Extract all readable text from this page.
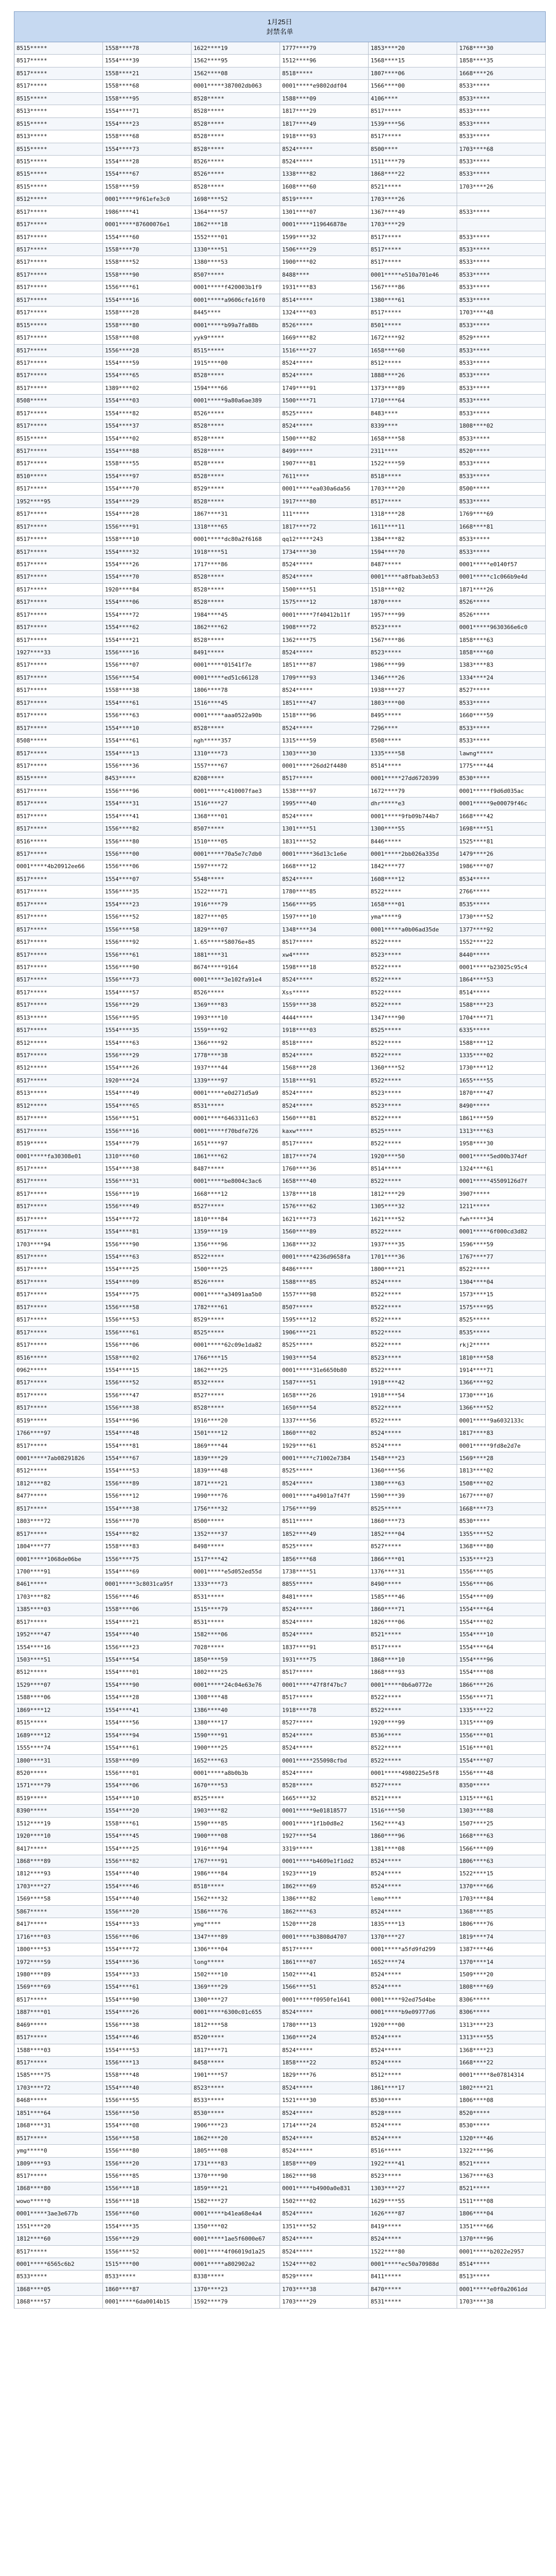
1月25日
封禁名单
8515*****	1558****78	1622****19	1777****79	1853****20	1768****30
8517*****	1554****39	1562****95	1512****96	1568****15	1858****35
8517*****	1558****21	1562****08	8518*****	1807****06	1668****26
8517*****	1558****68	0001*****387002db063	0001*****e9802ddf04	1566****00	8533*****
8515*****	1558****95	8528*****	1588****09	4106****	8533*****
8513*****	1554****71	8528*****	1817****29	8517*****	8533*****
8515*****	1554****23	8528*****	1817****49	1539****56	8533*****
8513*****	1558****68	8528*****	1918****93	8517*****	8533*****
8515*****	1554****73	8528*****	8524*****	8500****	1703****68
8515*****	1554****28	8526*****	8524*****	1511****79	8533*****
8515*****	1554****67	8526*****	1338****82	1868****22	8533*****
8515*****	1558****59	8528*****	1608****60	8521*****	1703****26
8512*****	0001*****9f61efe3c0	1698****52	8519*****	1703****26
8517*****	1986****41	1364****57	1301****07	1367****49	8533*****
8517*****	0001*****87600076e1	1862****18	0001*****119646878e	1703****29
8517*****	1554****60	1552****01	1599****32	8517*****	8533*****
8517*****	1558****70	1330****51	1506****29	8517*****	8533*****
8517*****	1558****52	1380****53	1900****02	8517*****	8533*****
8517*****	1558****90	8507*****	8488****	0001*****e510a701e46	8533*****
8517*****	1556****61	0001*****f420003b1f9	1931****83	1567****86	8533*****
8517*****	1554****16	0001*****a9606cfe16f0	8514*****	1380****61	8533*****
8517*****	1558****28	8445****	1324****03	8517*****	1703****48
8515*****	1558****80	0001*****b99a7fa88b	8526*****	8501*****	8533*****
8517*****	1558****08	yyk9*****	1669****82	1672****92	8529*****
8517*****	1556****28	8515*****	1516****27	1658****60	8533*****
8517*****	1554****59	1915****00	8524*****	8512*****	8533*****
8517*****	1554****65	8528*****	8524*****	1888****26	8533*****
8517*****	1389****02	1594****66	1749****91	1373****89	8533*****
8508*****	1554****03	0001*****9a80a6ae389	1500****71	1710****64	8533*****
8517*****	1554****82	8526*****	8525*****	8483****	8533*****
8517*****	1554****37	8528*****	8524*****	8339****	1808****02
8515*****	1554****02	8528*****	1500****82	1658****58	8533*****
8517*****	1554****88	8528*****	8499*****	2311****	8520*****
8517*****	1558****55	8528*****	1907****81	1522****59	8533*****
8510*****	1554****97	8528*****	7611****	8518*****	8533*****
8517*****	1554****70	8529*****	0001*****ea030a6da56	1703****20	8500*****
1952****95	1554****29	8528*****	1917****80	8517*****	8533*****
8517*****	1554****28	1867****31	111*****	1318****28	1769****69
8517*****	1556****91	1318****65	1817****72	1611****11	1668****81
8517*****	1558****10	0001*****dc80a2f6168	qq12*****243	1384****82	8533*****
8517*****	1554****32	1918****51	1734****30	1594****70	8533*****
8517*****	1554****26	1717****86	8524*****	8487*****	0001*****e0140f57
8517*****	1554****70	8528*****	8524*****	0001*****a8fbab3eb53	0001*****c1c066b9e4d
8517*****	1920****84	8528*****	1500****51	1518****02	1871****26
8517*****	1554****06	8528*****	1575****12	1870*****	8526*****
8517*****	1554****72	1984****45	0001*****7f40412b11f	1957****99	8526*****
8517*****	1554****62	1862****62	1908****72	8523*****	0001*****9630366e6c0
8517*****	1554****21	8528*****	1362****75	1567****86	1858****63
1927****33	1556****16	8491*****	8524*****	8523*****	1858****60
8517*****	1556****07	0001*****01541f7e	1851****87	1986****99	1383****83
8517*****	1556****54	0001*****ed51c66128	1709****93	1346****26	1334****24
8517*****	1558****38	1806****78	8524*****	1938****27	8527*****
8517*****	1554****61	1516****45	1851****47	1803****00	8533*****
8517*****	1556****63	0001*****aaa0522a90b	1518****96	8495*****	1660****59
8517*****	1554****10	8528*****	8524*****	7296****	8533*****
8508*****	1554****61	ngh*****357	1315****59	8508*****	8533*****
8517*****	1554****13	1310****73	1303****30	1335****58	lawng*****
8517*****	1556****36	1557****67	0001*****26dd2f4480	8514*****	1775****44
8515*****	8453*****	8208*****	8517*****	0001*****27dd6720399	8530*****
8517*****	1556****96	0001*****c410007fae3	1538****97	1672****79	0001*****f9d6d035ac
8517*****	1554****31	1516****27	1995****40	dhr*****e3	0001*****9e00079f46c
8517*****	1554****41	1368****01	8524*****	0001*****9fb09b744b7	1668****42
8517*****	1556****82	8507*****	1301****51	1300****55	1698****51
8516*****	1556****80	1510****05	1831****52	8446*****	1525****81
8517*****	1556****00	0001*****70a5e7c7db0	0001*****36d13c1e6e	0001*****2bb026a335d	1479****26
0001*****4b20912ee66	1556****06	1597****72	1668****12	1842****77	1986****07
8517*****	1554****07	5548*****	8524*****	1608****12	8534*****
8517*****	1556****35	1522****71	1780****85	8522*****	2766*****
8517*****	1554****23	1916****79	1566****95	1658****01	8535*****
8517*****	1556****52	1827****05	1597****10	yma*****9	1730****52
8517*****	1556****58	1829****07	1348****34	0001*****a0b06ad35de	1377****92
8517*****	1556****92	1.65*****58076e+85	8517*****	8522*****	1552****22
8517*****	1556****61	1881****31	xw4*****	8523*****	8440*****
8517*****	1556****90	8674*****9164	1598****18	8522*****	0001*****b23025c95c4
8517*****	1556****73	0001*****3e102fa91e4	8524*****	8522*****	1864****53
8517*****	1554****57	8526*****	Xss*****	8522*****	8514*****
8517*****	1556****29	1369****83	1559****38	8522*****	1588****23
8513*****	1556****95	1993****10	4444*****	1347****90	1704****71
8517*****	1554****35	1559****92	1918****03	8525*****	6335*****
8512*****	1554****63	1366****92	8518*****	8522*****	1588****12
8517*****	1556****29	1778****38	8524*****	8522*****	1335****02
8512*****	1554****26	1937****44	1568****28	1360****52	1730****12
8517*****	1920****24	1339****97	1518****91	8522*****	1655****55
8513*****	1554****49	0001*****e0d271d5a9	8524*****	8523*****	1870****47
8512*****	1554****65	8531*****	8524*****	8523*****	8490*****
8517*****	1556****51	0001*****6463311c63	1560****81	8522*****	1861****59
8517*****	1556****16	0001*****f70bdfe726	kaxw*****	8525*****	1313****63
8519*****	1554****79	1651****97	8517*****	8522*****	1958****30
0001*****fa30308e01	1310****60	1861****62	1817****74	1920****50	0001*****5ed00b374df
8517*****	1554****38	8487*****	1760****36	8514*****	1324****61
8517*****	1556****31	0001*****be8004c3ac6	1658****40	8522*****	0001*****45509126d7f
8517*****	1556****19	1668****12	1378****18	1812****29	3907*****
8517*****	1556****49	8527*****	1576****62	1305****32	1211*****
8517*****	1554****72	1810****84	1621****73	1621****52	fwh*****34
8517*****	1554****81	1359****19	1560****89	8522*****	0001*****6f000cd3d82
1703****94	1556****90	1356****96	1368****32	1937****35	1596****59
8517*****	1554****63	8522*****	0001*****4236d9658fa	1701****36	1767****77
8517*****	1554****25	1500****25	8486*****	1800****21	8522*****
8517*****	1554****09	8526*****	1588****85	8524*****	1304****04
8517*****	1554****75	0001*****a34091aa5b0	1557****98	8522*****	1573****15
8517*****	1556****58	1782****61	8507*****	8522*****	1575****95
8517*****	1556****53	8529*****	1595****12	8522*****	8525*****
8517*****	1556****61	8525*****	1906****21	8522*****	8535*****
8517*****	1556****06	0001*****62c09e1da82	8525*****	8522*****	rkj2*****
8516*****	1558****02	1766****15	1903****54	8523*****	1810****58
0962*****	1554****15	1862****25	0001*****31e6650b80	8522*****	1914****71
8517*****	1556****52	8532*****	1587****51	1918****42	1366****92
8517*****	1556****47	8527*****	1658****26	1918****54	1730****16
8517*****	1556****38	8528*****	1650****54	8522*****	1366****52
8519*****	1554****96	1916****20	1337****56	8522*****	0001*****9a6032133c
1766****97	1554****48	1501****12	1860****02	8524*****	1817****83
8517*****	1554****81	1869****44	1929****61	8524*****	0001*****9fd8e2d7e
0001*****7ab08291826	1554****67	1839****29	0001*****c71002e7384	1548****23	1569****28
8512*****	1554****53	1839****48	8525*****	1360****56	1813****02
1812****82	1556****89	1871****21	8524*****	1380****63	1508****02
8477*****	1556****12	1990****76	0001*****a4901a7f47f	1590****39	1677****07
8517*****	1554****38	1756****32	1756****99	8525*****	1668****73
1803****72	1556****70	8500*****	8511*****	1860****73	8530*****
8517*****	1554****82	1352****37	1852****49	1852****04	1355****52
1804****77	1558****83	8498*****	8525*****	8527*****	1368****80
0001*****1068de06be	1556****75	1517****42	1856****68	1866****01	1535****23
1700****91	1554****69	0001*****e5d052ed55d	1738****51	1376****31	1556****05
8461*****	0001*****3c8031ca95f	1333****73	8855*****	8490*****	1556****06
1703****82	1556****46	8531*****	8481*****	1585****46	1554****09
1385****03	1558****06	1515****79	8524*****	1860****71	1554****64
8517*****	1554****21	8531*****	8524*****	1826****06	1554****02
1952****47	1554****40	1582****06	8524*****	8521*****	1554****10
1554****16	1556****23	7028*****	1837****91	8517*****	1554****64
1503****51	1554****54	1850****59	1931****75	1868****10	1554****96
8512*****	1554****01	1802****25	8517*****	1868****93	1554****08
1529****07	1554****90	0001*****24c04e63e76	0001*****47f8f47bc7	0001*****0b6a0772e	1866****26
1588****06	1554****28	1308****48	8517*****	8522*****	1556****71
1869****12	1554****41	1386****40	1918****78	8522*****	1335****22
8515*****	1554****56	1380****17	8527*****	1920****99	1315****09
1689****12	1554****94	1590****91	8524*****	8536*****	1556****01
1555****74	1554****61	1900****25	8524*****	8522*****	1516****01
1800****31	1558****09	1652****63	0001*****255098cfbd	8522*****	1554****07
8520*****	1556****01	0001*****a8b0b3b	8524*****	0001*****4980225e5f8	1556****48
1571****79	1554****06	1670****53	8528*****	8527*****	8350*****
8519*****	1554****10	8525*****	1665****32	8521*****	1315****61
8390*****	1554****20	1903****82	0001*****9e01818577	1516****50	1303****88
1512****19	1558****61	1590****85	0001*****1f1b0d8e2	1562****43	1507****25
1920****10	1554****45	1900****08	1927****54	1860****96	1668****63
8417*****	1554****25	1916****94	3319*****	1381****08	1566****09
1868****89	1556****82	1767****91	0001*****b4609e1f1dd2	8524*****	1806****63
1812****93	1554****40	1986****84	1923****19	8524*****	1522****15
1703****27	1554****46	8518*****	1862****69	8524*****	1370****66
1569****58	1554****40	1562****32	1386****82	lemo*****	1703****84
5867*****	1556****20	1586****76	1862****63	8524*****	1368****85
8417*****	1554****33	ymg*****	1520****28	1835****13	1806****76
1716****03	1556****06	1347****89	0001*****b3808d4707	1370****27	1819****74
1800****53	1554****72	1306****04	8517*****	0001*****a5fd9fd299	1387****46
1972****59	1554****36	long*****	1861****07	1652****74	1370****14
1980****89	1554****33	1502****10	1502****41	8524*****	1509****20
1569****69	1554****61	1369****29	1566****51	8524*****	1808****69
8517*****	1554****90	1300****27	0001*****f0950fe1641	0001*****92ed75d4be	8306*****
1887****01	1554****26	0001*****6300c01c655	8524*****	0001*****b9e09777d6	8306*****
8469*****	1556****38	1812****58	1780****13	1920****00	1313****23
8517*****	1554****46	8520*****	1360****24	8524*****	1313****55
1588****03	1554****53	1817****71	8524*****	8524*****	1368****23
8517*****	1556****13	8458*****	1858****22	8524*****	1668****22
1585****75	1558****48	1901****57	1829****76	8512*****	0001*****8e07814314
1703****72	1554****40	8523*****	8524*****	1861****17	1802****21
8468*****	1556****55	8533*****	1521****30	8530*****	1806****08
1851****64	1556****50	8530*****	8524*****	8528*****	8520*****
1868****31	1554****08	1906****23	1714****24	8524*****	8530*****
8517*****	1556****58	1862****20	8524*****	8524*****	1320****46
ymg*****0	1556****80	1805****08	8524*****	8516*****	1322****96
1809****93	1556****20	1731****83	1858****09	1922****41	8521*****
8517*****	1556****85	1370****90	1862****98	8523*****	1367****63
1868****80	1556****18	1859****21	0001*****b4900a0e831	1303****27	8521*****
wowo*****0	1556****18	1582****27	1502****02	1629****55	1511****08
0001*****3ae3e677b	1556****60	0001*****b41ea68e4a4	8524*****	1626****87	1806****04
1551****20	1554****35	1350****02	1351****52	8419*****	1351****66
1812****60	1556****29	0001*****1ae5f6000e67	8524*****	8524*****	1370****96
8517*****	1556****52	0001*****4f06019d1a25	8524*****	1522****80	0001*****b2022e2957
0001*****6565c6b2	1515****00	0001*****a802902a2	1524****02	0001*****ec50a70988d	8514*****
8533*****	8533*****	8338*****	8529*****	8411*****	8513*****
1868****05	1860****87	1370****23	1703****38	8470*****	0001*****e0f0a2061dd
1868****57	0001*****6da0014b15	1592****79	1703****29	8531*****	1703****38
